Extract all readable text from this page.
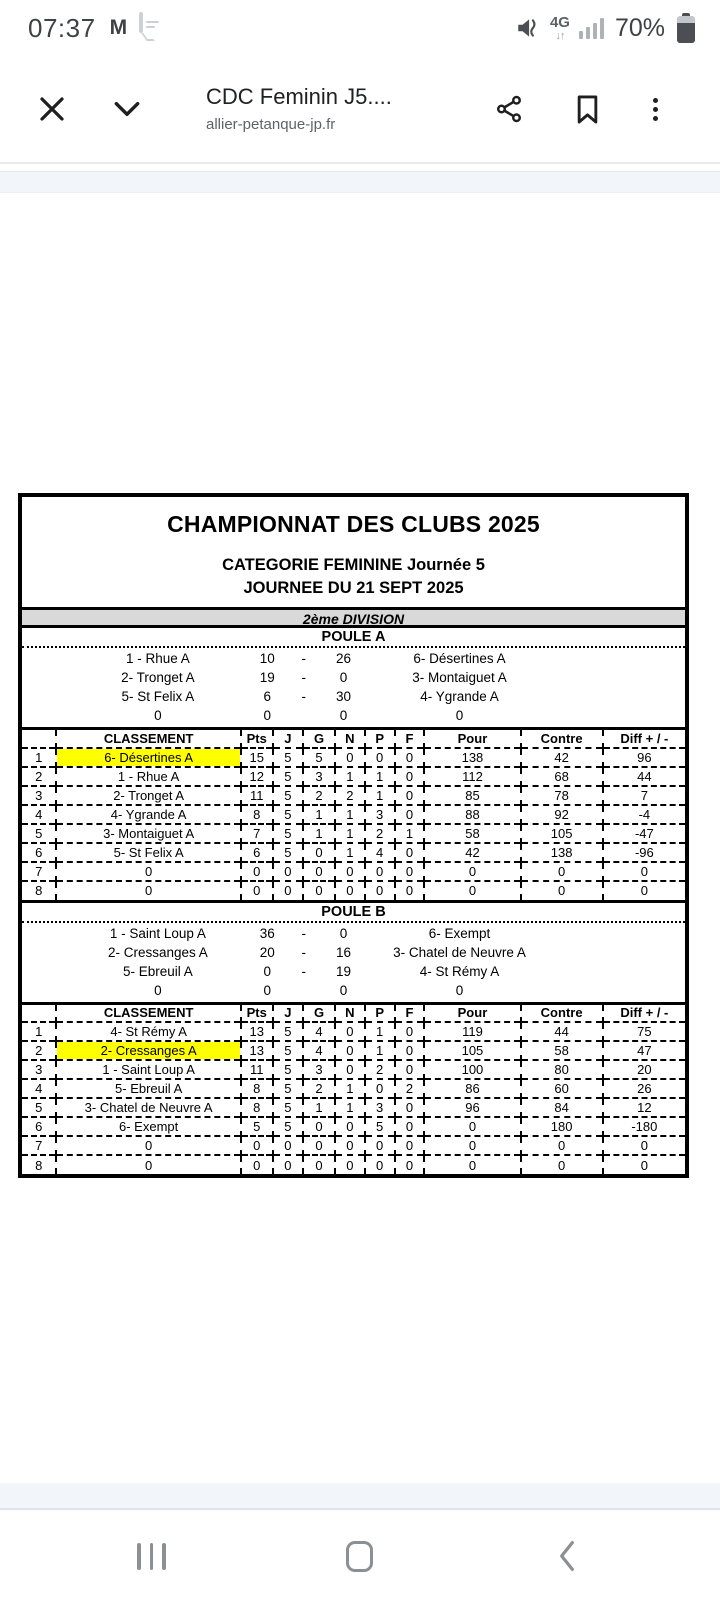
07:37 M	4G
↓↑ 70%
CDC Feminin J5....
allier-petanque-jp.fr
CHAMPIONNAT DES CLUBS 2025
CATEGORIE FEMININE Journée 5
JOURNEE DU 21 SEPT 2025
2ème DIVISION
POULE A
1 - Rhue A	10	-	26	6- Désertines A
2- Tronget A	19	-	0	3- Montaiguet A
5- St Felix A	6	-	30	4- Ygrande A
0	0	0	0
	CLASSEMENT	Pts	J	G	N	P	F	Pour	Contre	Diff + / -
1	6- Désertines A	15	5	5	0	0	0	138	42	96
2	1 - Rhue A	12	5	3	1	1	0	112	68	44
3	2- Tronget A	11	5	2	2	1	0	85	78	7
4	4- Ygrande A	8	5	1	1	3	0	88	92	-4
5	3- Montaiguet A	7	5	1	1	2	1	58	105	-47
6	5- St Felix A	6	5	0	1	4	0	42	138	-96
7	0	0	0	0	0	0	0	0	0	0
8	0	0	0	0	0	0	0	0	0	0
POULE B
1 - Saint Loup A	36	-	0	6- Exempt
2- Cressanges A	20	-	16	3- Chatel de Neuvre A
5- Ebreuil A	0	-	19	4- St Rémy A
0	0	0	0
	CLASSEMENT	Pts	J	G	N	P	F	Pour	Contre	Diff + / -
1	4- St Rémy A	13	5	4	0	1	0	119	44	75
2	2- Cressanges A	13	5	4	0	1	0	105	58	47
3	1 - Saint Loup A	11	5	3	0	2	0	100	80	20
4	5- Ebreuil A	8	5	2	1	0	2	86	60	26
5	3- Chatel de Neuvre A	8	5	1	1	3	0	96	84	12
6	6- Exempt	5	5	0	0	5	0	0	180	-180
7	0	0	0	0	0	0	0	0	0	0
8	0	0	0	0	0	0	0	0	0	0
